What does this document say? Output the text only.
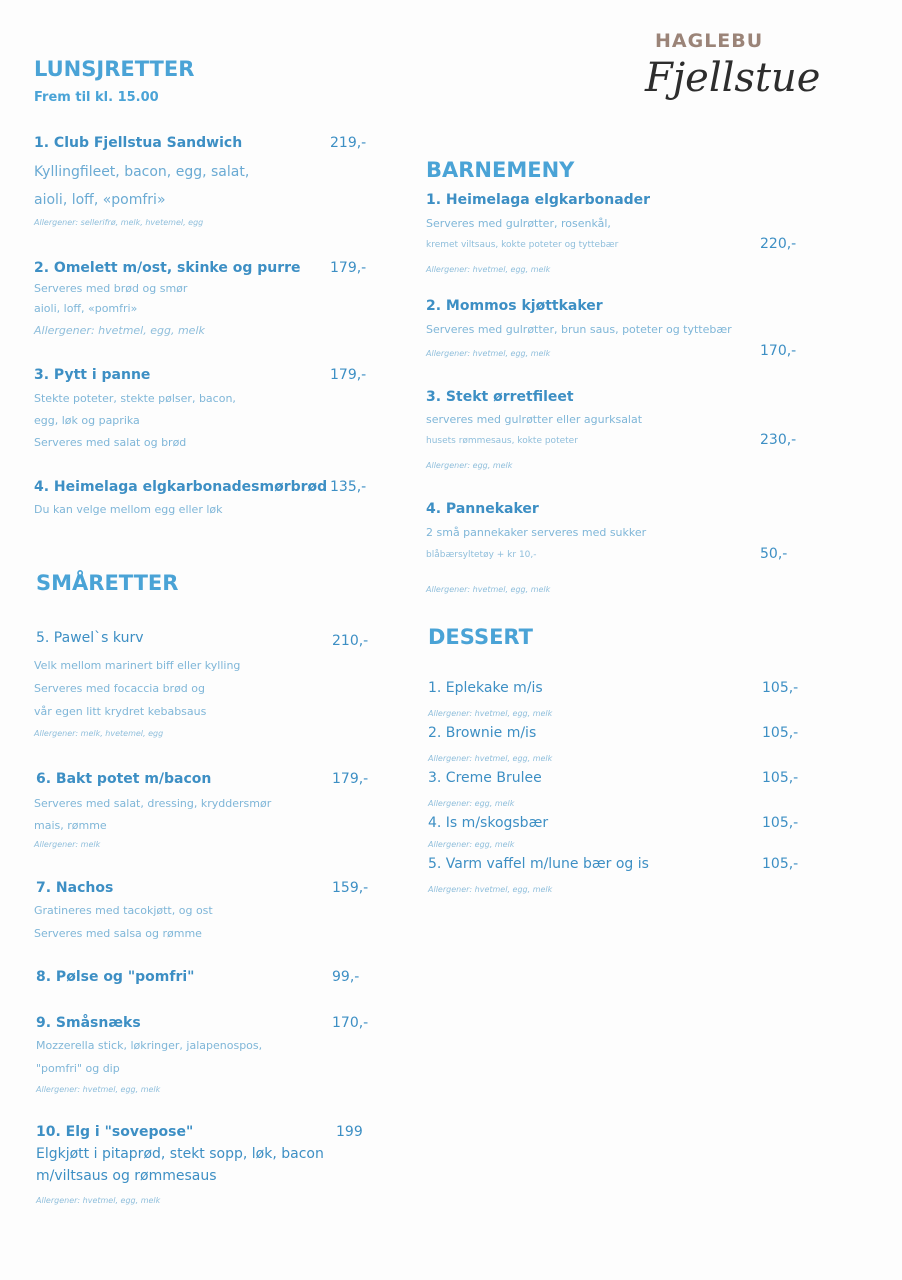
HAGLEBU
Fjellstue
LUNSJRETTER
Frem til kl. 15.00
1. Club Fjellstua Sandwich	219,-
Kyllingfileet, bacon, egg, salat,
aioli, loff, «pomfri»
Allergener: sellerifrø, melk, hvetemel, egg
2. Omelett m/ost, skinke og purre 179,-
Serveres med brød og smør
aioli, loff, «pomfri»
Allergener: hvetmel, egg, melk
3. Pytt i panne	179,-
Stekte poteter, stekte pølser, bacon,
egg, løk og paprika
Serveres med salat og brød
4. Heimelaga elgkarbonadesmørbrød 135,-
Du kan velge mellom egg eller løk
SMÅRETTER
5. Pawel`s kurv	210,-
Velk mellom marinert biff eller kylling
Serveres med focaccia brød og
vår egen litt krydret kebabsaus
Allergener: melk, hvetemel, egg
6. Bakt potet m/bacon	179,-
Serveres med salat, dressing, kryddersmør
mais, rømme
Allergener: melk
7. Nachos	159,-
Gratineres med tacokjøtt, og ost
Serveres med salsa og rømme
8. Pølse og "pomfri"	99,-
9. Småsnæks	170,-
Mozzerella stick, løkringer, jalapenospos,
"pomfri" og dip
Allergener: hvetmel, egg, melk
10. Elg i "sovepose"	199
Elgkjøtt i pitaprød, stekt sopp, løk, bacon
m/viltsaus og rømmesaus
Allergener: hvetmel, egg, melk
BARNEMENY
1. Heimelaga elgkarbonader
Serveres med gulrøtter, rosenkål,
kremet viltsaus, kokte poteter og tyttebær	220,-
Allergener: hvetmel, egg, melk
2. Mommos kjøttkaker
Serveres med gulrøtter, brun saus, poteter og tyttebær
170,-
Allergener: hvetmel, egg, melk
3. Stekt ørretfileet
serveres med gulrøtter eller agurksalat
husets rømmesaus, kokte poteter	230,-
Allergener: egg, melk
4. Pannekaker
2 små pannekaker serveres med sukker
blåbærsyltetøy + kr 10,-	50,-
Allergener: hvetmel, egg, melk
DESSERT
1. Eplekake m/is	105,-
Allergener: hvetmel, egg, melk
2. Brownie m/is	105,-
Allergener: hvetmel, egg, melk
3. Creme Brulee	105,-
Allergener: egg, melk
4. Is m/skogsbær	105,-
Allergener: egg, melk
5. Varm vaffel m/lune bær og is	105,-
Allergener: hvetmel, egg, melk
